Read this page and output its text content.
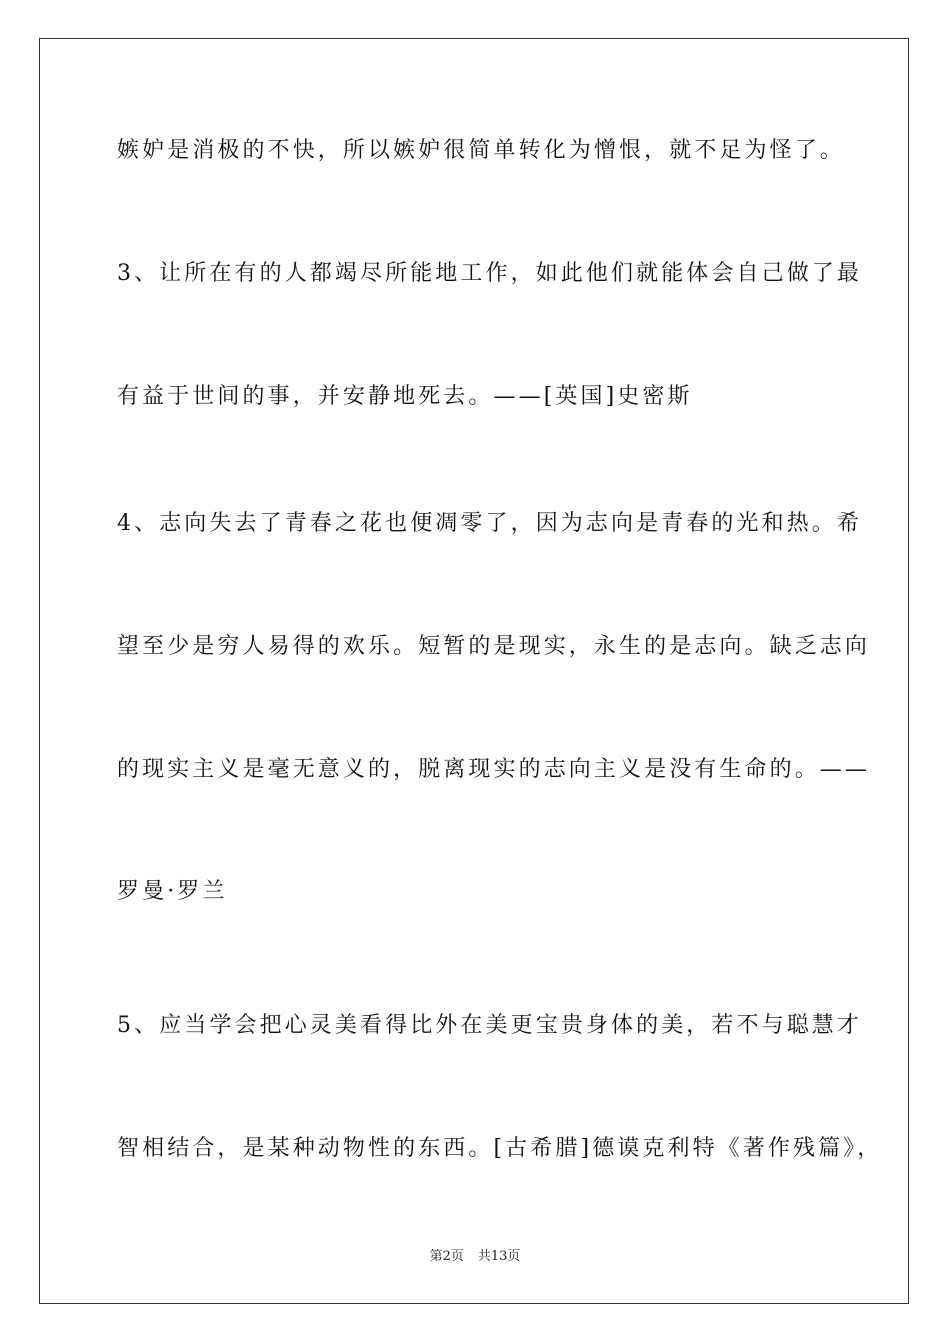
嫉妒是消极的不快，所以嫉妒很简单转化为憎恨，就不足为怪了。
3、让所在有的人都竭尽所能地工作，如此他们就能体会自己做了最
有益于世间的事，并安静地死去。——[英国]史密斯
4、志向失去了青春之花也便凋零了，因为志向是青春的光和热。希
望至少是穷人易得的欢乐。短暂的是现实，永生的是志向。缺乏志向
的现实主义是毫无意义的，脱离现实的志向主义是没有生命的。——
罗曼·罗兰
5、应当学会把心灵美看得比外在美更宝贵身体的美，若不与聪慧才
智相结合，是某种动物性的东西。[古希腊]德谟克利特《著作残篇》，
第2页 共13页
